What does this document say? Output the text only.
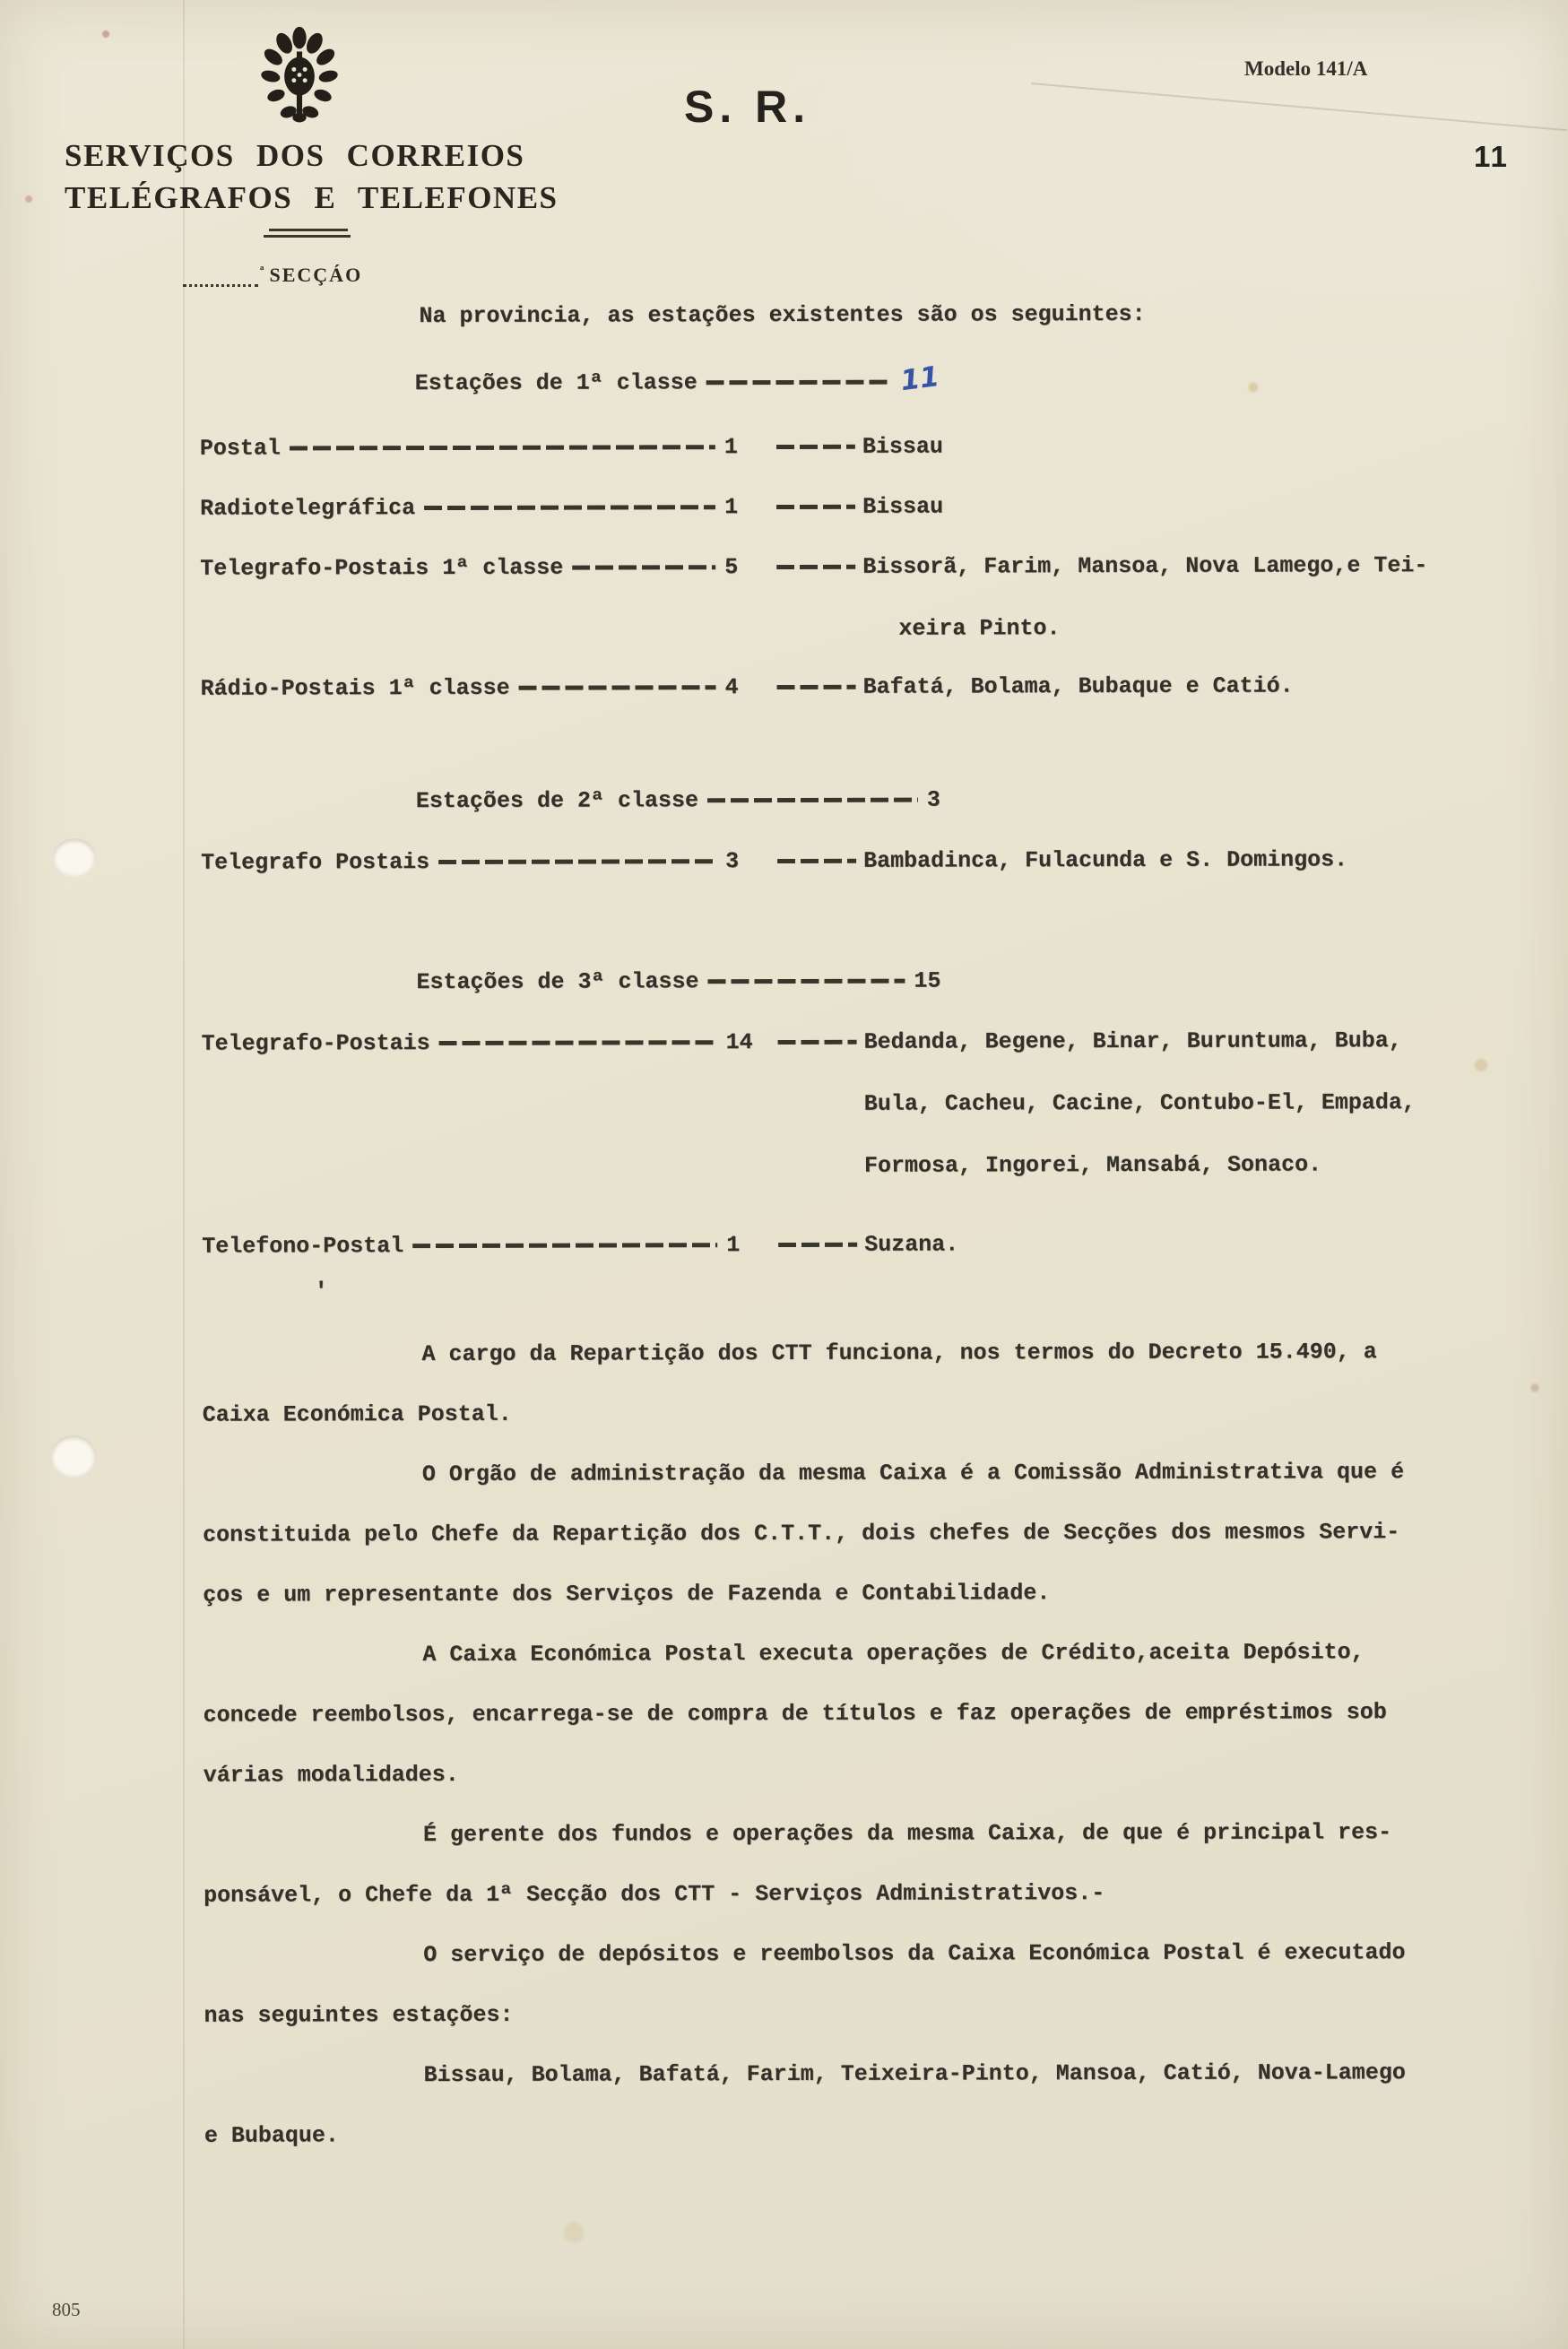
SERVIÇOS DOS CORREIOS
TELÉGRAFOS E TELEFONES
S. R.
Modelo 141/A
11
805
ª SECÇÁO
Na provincia, as estações existentes são os seguintes:
Estações de 1ª classe	11
Postal	1	Bissau
Radiotelegráfica	1	Bissau
Telegrafo-Postais 1ª classe	5	Bissorã, Farim, Mansoa, Nova Lamego,e Tei-
xeira Pinto.
Rádio-Postais 1ª classe	4	Bafatá, Bolama, Bubaque e Catió.
Estações de 2ª classe	3
Telegrafo Postais	3	Bambadinca, Fulacunda e S. Domingos.
Estações de 3ª classe	15
Telegrafo-Postais	14	Bedanda, Begene, Binar, Buruntuma, Buba,
Bula, Cacheu, Cacine, Contubo-El, Empada,
Formosa, Ingorei, Mansabá, Sonaco.
Telefono-Postal	1	Suzana.
'
A cargo da Repartição dos CTT funciona, nos termos do Decreto 15.490, a
Caixa Económica Postal.
O Orgão de administração da mesma Caixa é a Comissão Administrativa que é
constituida pelo Chefe da Repartição dos C.T.T., dois chefes de Secções dos mesmos Servi-
ços e um representante dos Serviços de Fazenda e Contabilidade.
A Caixa Económica Postal executa operações de Crédito,aceita Depósito,
concede reembolsos, encarrega-se de compra de títulos e faz operações de empréstimos sob
várias modalidades.
É gerente dos fundos e operações da mesma Caixa, de que é principal res-
ponsável, o Chefe da 1ª Secção dos CTT - Serviços Administrativos.-
O serviço de depósitos e reembolsos da Caixa Económica Postal é executado
nas seguintes estações:
Bissau, Bolama, Bafatá, Farim, Teixeira-Pinto, Mansoa, Catió, Nova-Lamego
e Bubaque.
